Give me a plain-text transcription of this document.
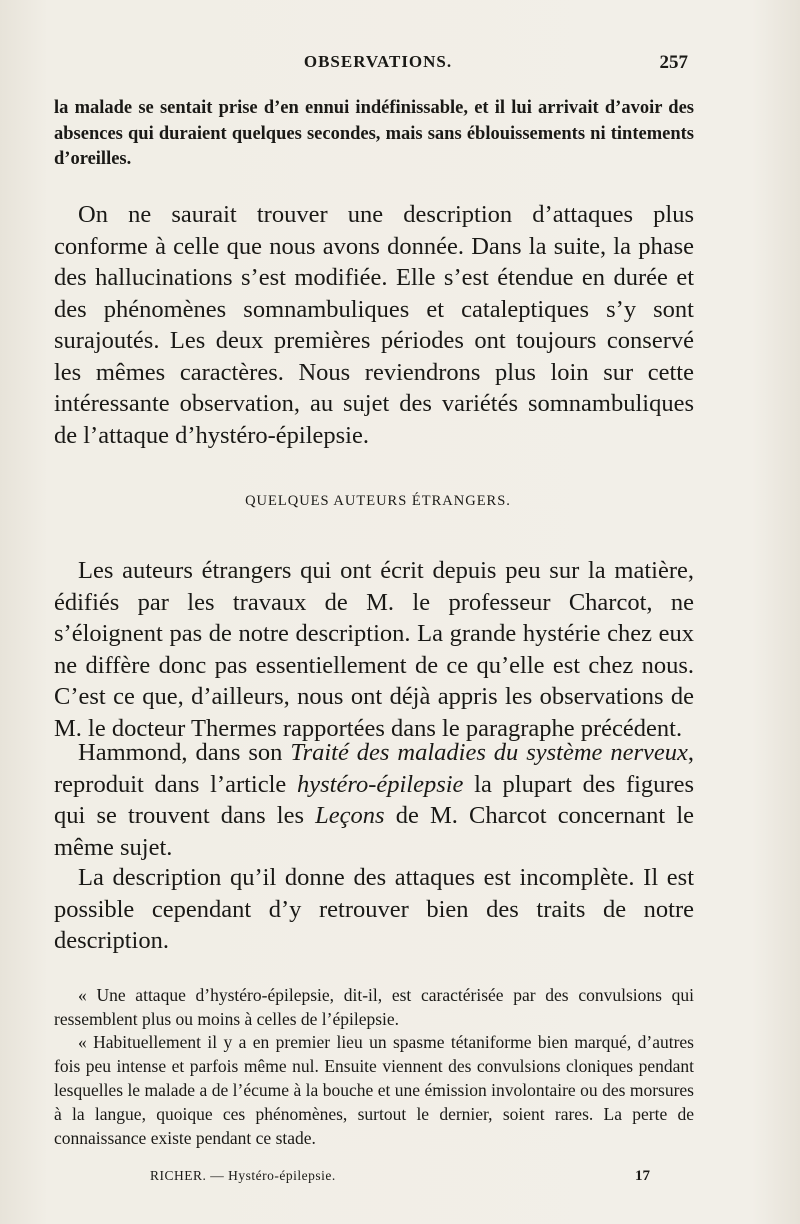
OBSERVATIONS.	257

la malade se sentait prise d’en ennui indéfinissable, et il lui arrivait d’avoir des absences qui duraient quelques secondes, mais sans éblouissements ni tintements d’oreilles.

On ne saurait trouver une description d’attaques plus conforme à celle que nous avons donnée. Dans la suite, la phase des hallucinations s’est modifiée. Elle s’est étendue en durée et des phénomènes somnambuliques et cataleptiques s’y sont surajoutés. Les deux premières périodes ont toujours conservé les mêmes caractères. Nous reviendrons plus loin sur cette intéressante observation, au sujet des variétés somnambuliques de l’attaque d’hystéro-épilepsie.

QUELQUES AUTEURS ÉTRANGERS.

Les auteurs étrangers qui ont écrit depuis peu sur la matière, édifiés par les travaux de M. le professeur Charcot, ne s’éloignent pas de notre description. La grande hystérie chez eux ne diffère donc pas essentiellement de ce qu’elle est chez nous. C’est ce que, d’ailleurs, nous ont déjà appris les observations de M. le docteur Thermes rapportées dans le paragraphe précédent.

Hammond, dans son Traité des maladies du système nerveux, reproduit dans l’article hystéro-épilepsie la plupart des figures qui se trouvent dans les Leçons de M. Charcot concernant le même sujet.

La description qu’il donne des attaques est incomplète. Il est possible cependant d’y retrouver bien des traits de notre description.

« Une attaque d’hystéro-épilepsie, dit-il, est caractérisée par des convulsions qui ressemblent plus ou moins à celles de l’épilepsie.

« Habituellement il y a en premier lieu un spasme tétaniforme bien marqué, d’autres fois peu intense et parfois même nul. Ensuite viennent des convulsions cloniques pendant lesquelles le malade a de l’écume à la bouche et une émission involontaire ou des morsures à la langue, quoique ces phénomènes, surtout le dernier, soient rares. La perte de connaissance existe pendant ce stade.

RICHER. — Hystéro-épilepsie.	17
